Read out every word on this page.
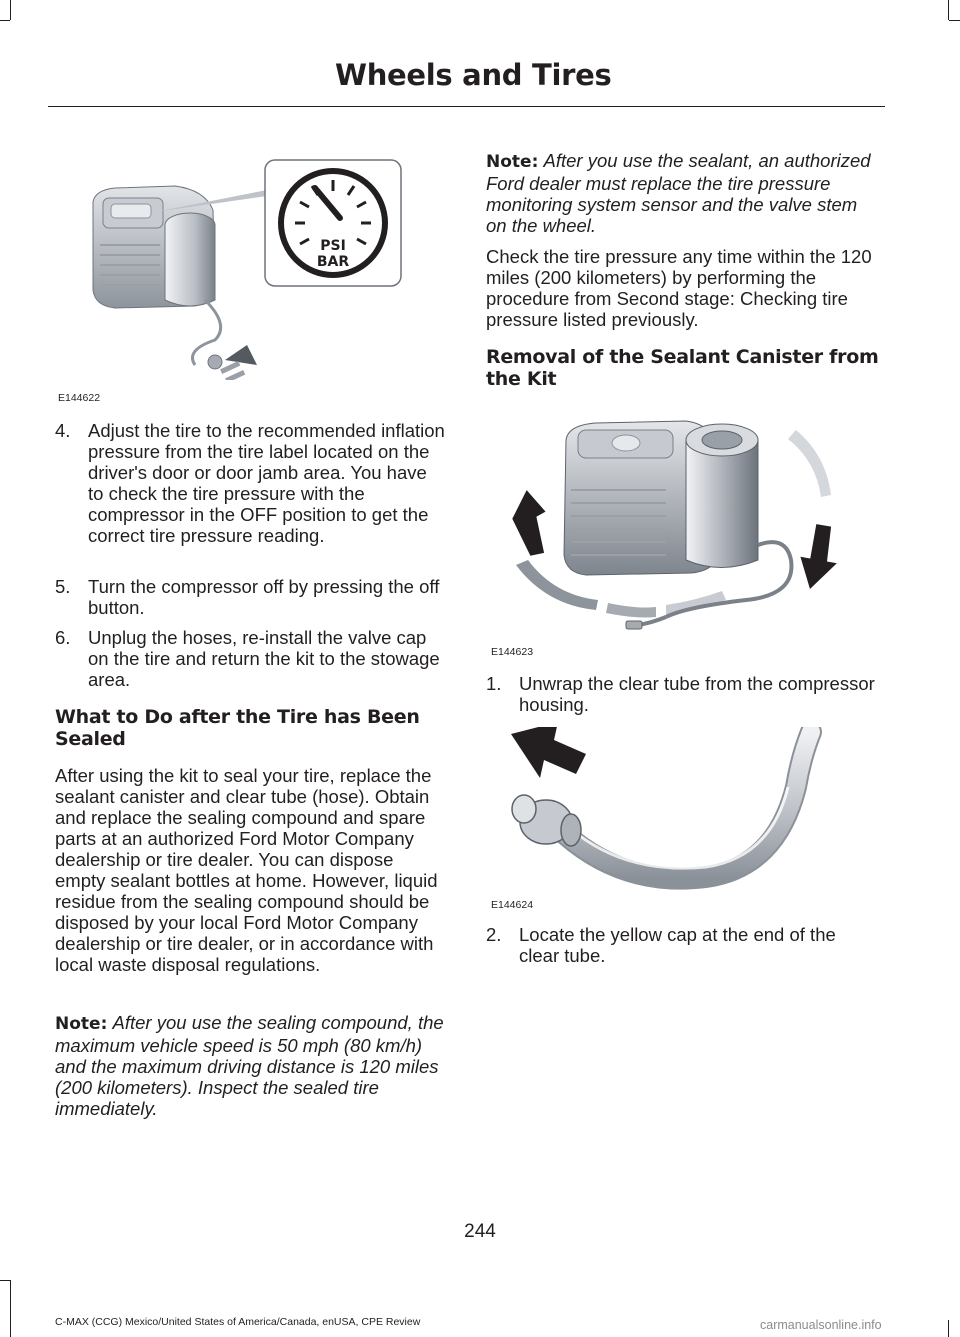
Wheels and Tires
PSI
BAR
E144622
4. Adjust the tire to the recommended inflation pressure from the tire label located on the driver's door or door jamb area. You have to check the tire pressure with the compressor in the OFF position to get the correct tire pressure reading.

5. Turn the compressor off by pressing the off button.

6. Unplug the hoses, re-install the valve cap on the tire and return the kit to the stowage area.

What to Do after the Tire has Been Sealed

After using the kit to seal your tire, replace the sealant canister and clear tube (hose). Obtain and replace the sealing compound and spare parts at an authorized Ford Motor Company dealership or tire dealer. You can dispose empty sealant bottles at home. However, liquid residue from the sealing compound should be disposed by your local Ford Motor Company dealership or tire dealer, or in accordance with local waste disposal regulations.

Note: After you use the sealing compound, the maximum vehicle speed is 50 mph (80 km/h) and the maximum driving distance is 120 miles (200 kilometers). Inspect the sealed tire immediately.

Note: After you use the sealant, an authorized Ford dealer must replace the tire pressure monitoring system sensor and the valve stem on the wheel.

Check the tire pressure any time within the 120 miles (200 kilometers) by performing the procedure from Second stage: Checking tire pressure listed previously.

Removal of the Sealant Canister from the Kit
E144623
1. Unwrap the clear tube from the compressor housing.

E144624
2. Locate the yellow cap at the end of the clear tube.

244
C-MAX (CCG) Mexico/United States of America/Canada, enUSA, CPE Review	carmanualsonline.info
